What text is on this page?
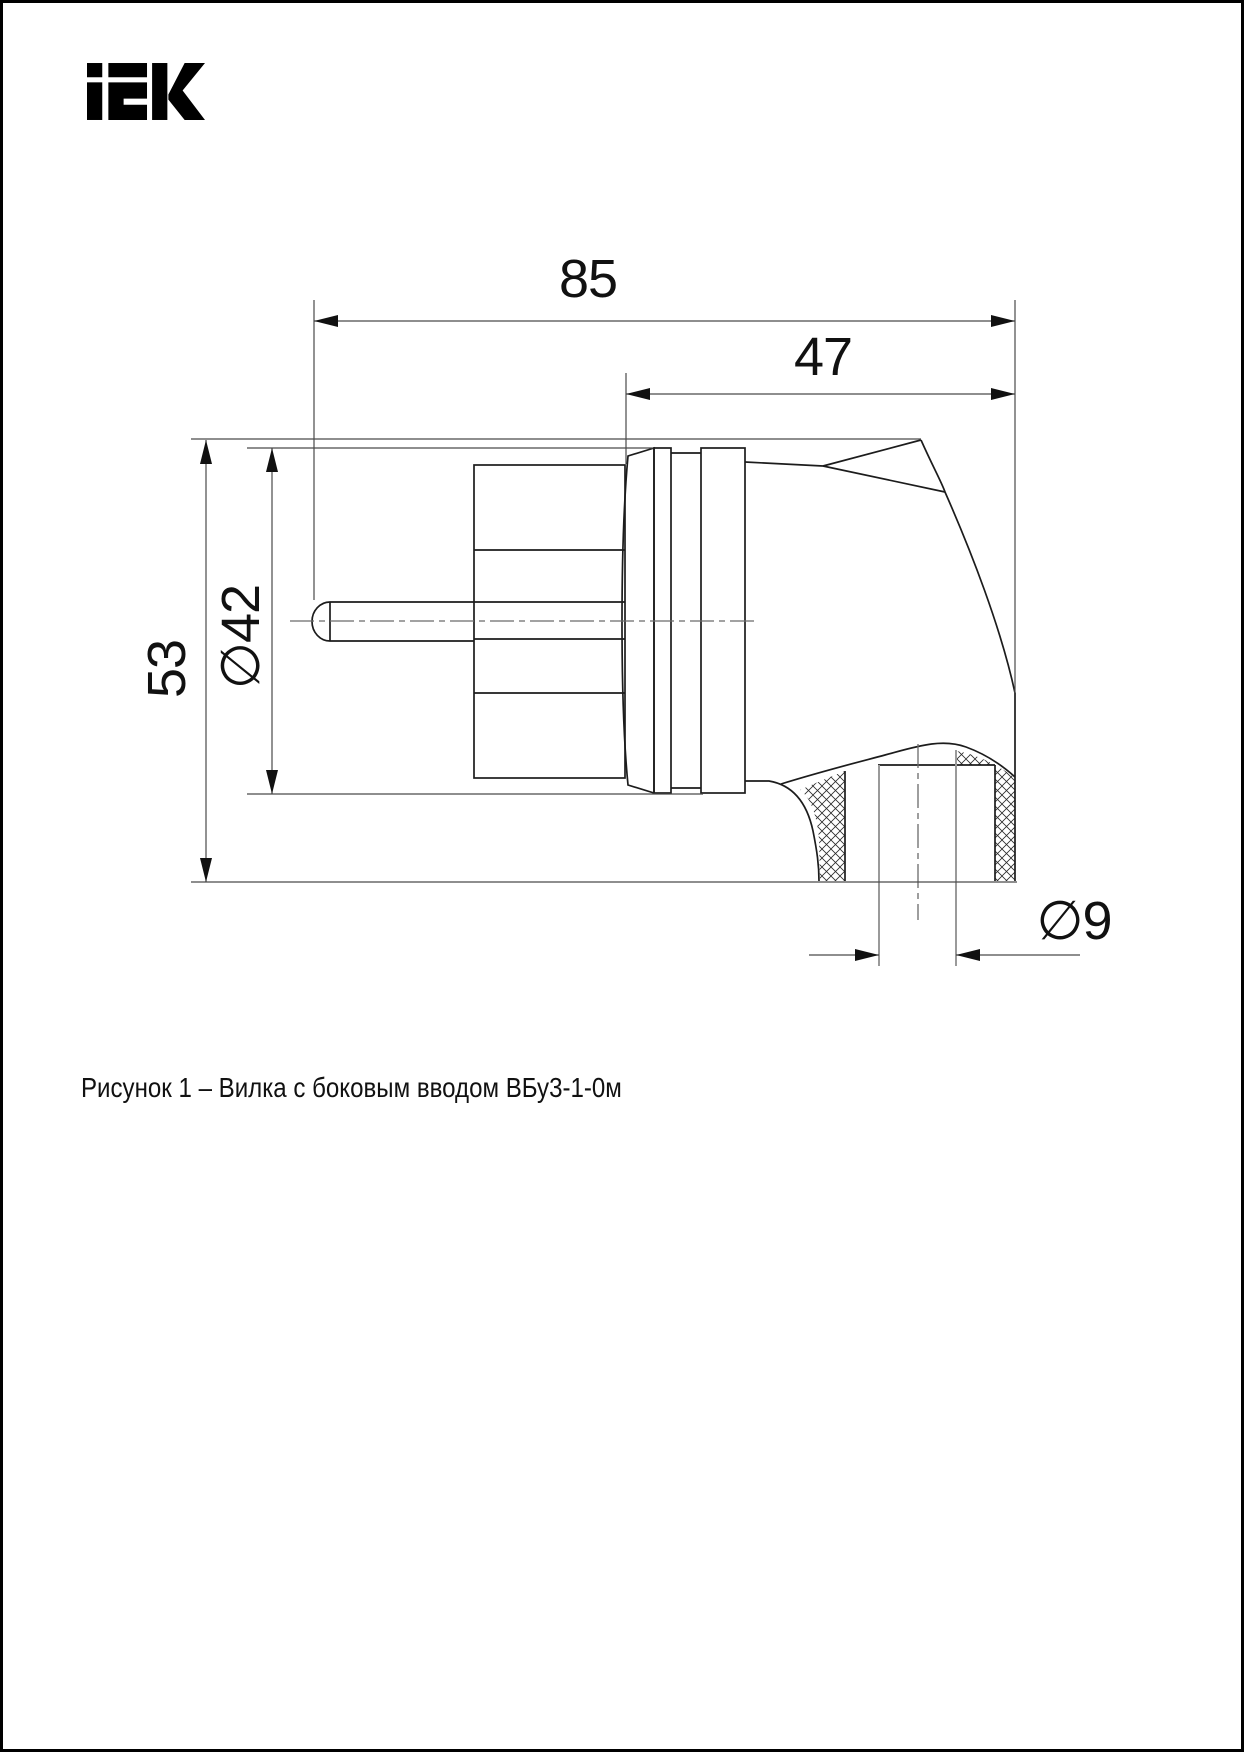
85
47
53 ∅42
∅9
Рисунок 1 – Вилка с боковым вводом ВБу3-1-0м
